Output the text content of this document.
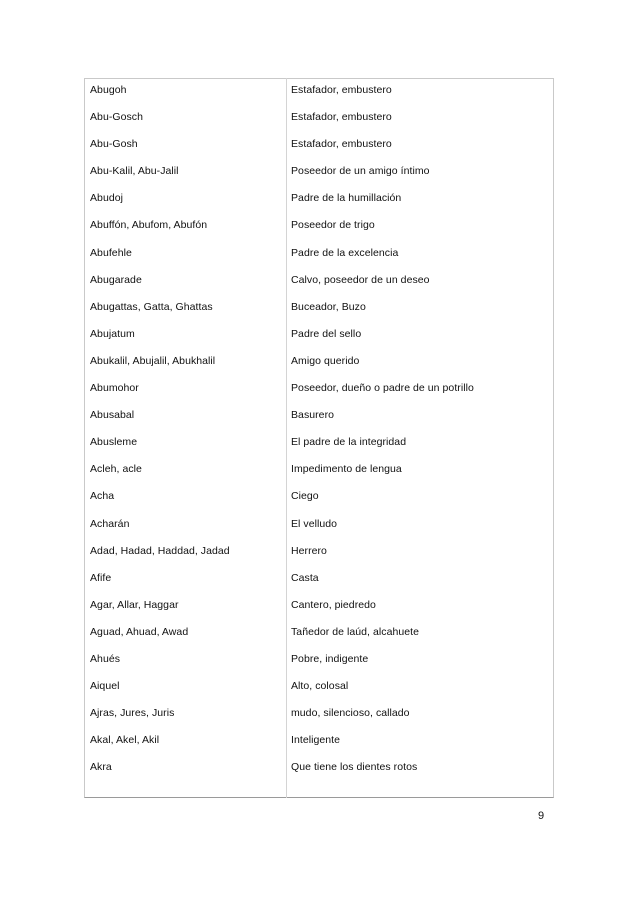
Abugoh	Estafador, embustero
Abu-Gosch	Estafador, embustero
Abu-Gosh	Estafador, embustero
Abu-Kalil, Abu-Jalil	Poseedor de un amigo íntimo
Abudoj	Padre de la humillación
Abuffón, Abufom, Abufón	Poseedor de trigo
Abufehle	Padre de la excelencia
Abugarade	Calvo, poseedor de un deseo
Abugattas, Gatta, Ghattas	Buceador, Buzo
Abujatum	Padre del sello
Abukalil, Abujalil, Abukhalil	Amigo querido
Abumohor	Poseedor, dueño o padre de un potrillo
Abusabal	Basurero
Abusleme	El padre de la integridad
Acleh, acle	Impedimento de lengua
Acha	Ciego
Acharán	El velludo
Adad, Hadad, Haddad, Jadad	Herrero
Afife	Casta
Agar, Allar, Haggar	Cantero, piedredo
Aguad, Ahuad, Awad	Tañedor de laúd, alcahuete
Ahués	Pobre, indigente
Aiquel	Alto, colosal
Ajras, Jures, Juris	mudo, silencioso, callado
Akal, Akel, Akil	Inteligente
Akra	Que tiene los dientes rotos
9
